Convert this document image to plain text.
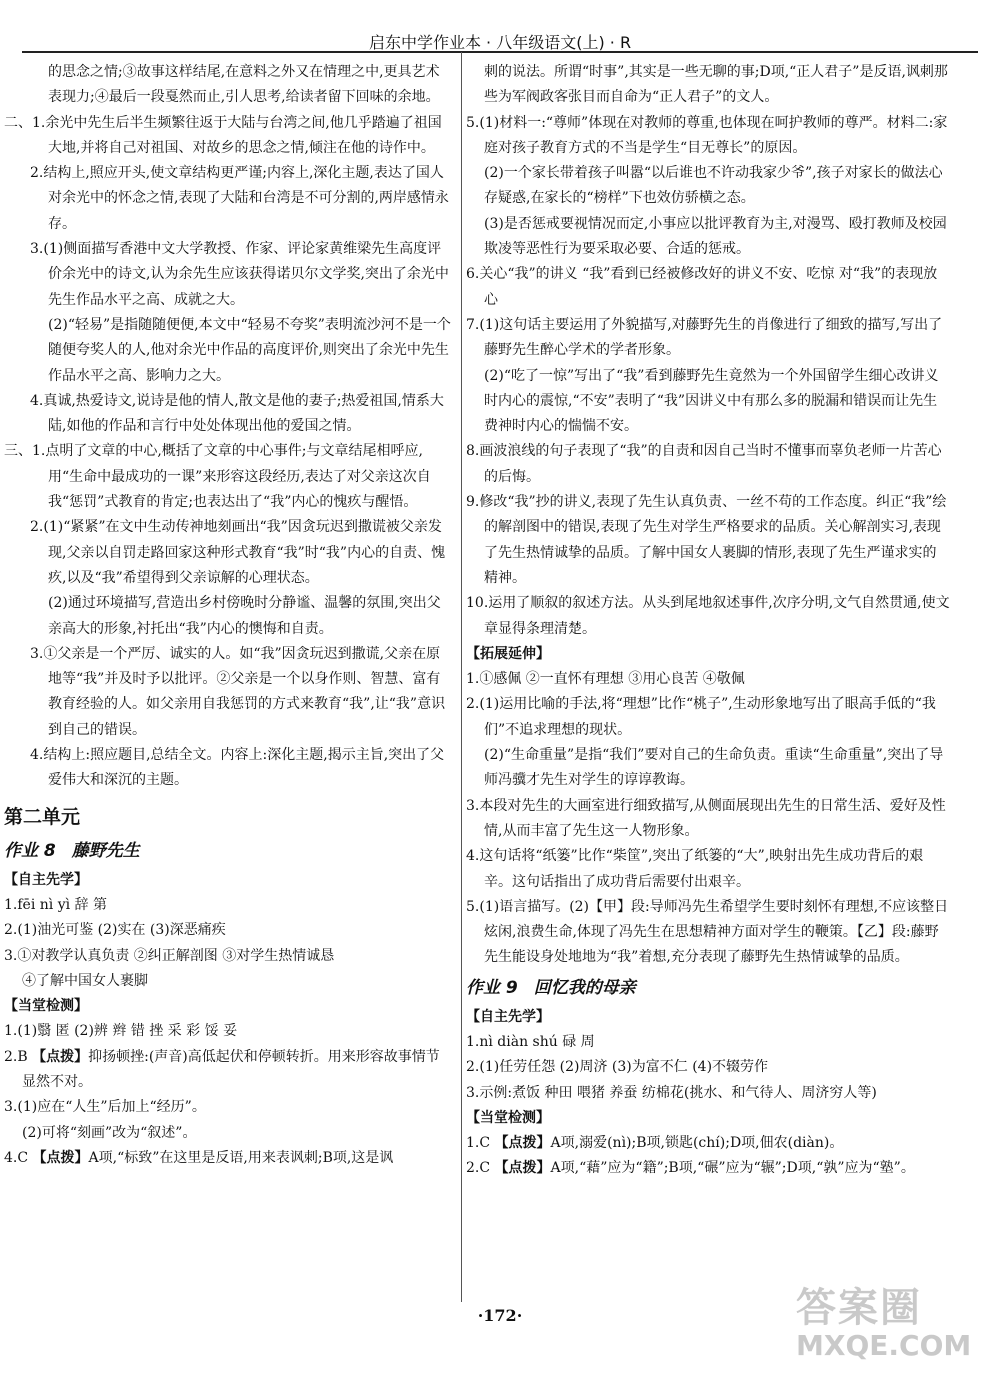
启东中学作业本 · 八年级语文(上) · R
的思念之情;③故事这样结尾,在意料之外又在情理之中,更具艺术表现力;④最后一段戛然而止,引人思考,给读者留下回味的余地。
二、1.余光中先生后半生频繁往返于大陆与台湾之间,他几乎踏遍了祖国大地,并将自己对祖国、对故乡的思念之情,倾注在他的诗作中。
2.结构上,照应开头,使文章结构更严谨;内容上,深化主题,表达了国人对余光中的怀念之情,表现了大陆和台湾是不可分割的,两岸感情永存。
3.(1)侧面描写香港中文大学教授、作家、评论家黄维梁先生高度评价余光中的诗文,认为余先生应该获得诺贝尔文学奖,突出了余光中先生作品水平之高、成就之大。
(2)“轻易”是指随随便便,本文中“轻易不夸奖”表明流沙河不是一个随便夸奖人的人,他对余光中作品的高度评价,则突出了余光中先生作品水平之高、影响力之大。
4.真诚,热爱诗文,说诗是他的情人,散文是他的妻子;热爱祖国,情系大陆,如他的作品和言行中处处体现出他的爱国之情。
三、1.点明了文章的中心,概括了文章的中心事件;与文章结尾相呼应,用“生命中最成功的一课”来形容这段经历,表达了对父亲这次自我“惩罚”式教育的肯定;也表达出了“我”内心的愧疚与醒悟。
2.(1)“紧紧”在文中生动传神地刻画出“我”因贪玩迟到撒谎被父亲发现,父亲以自罚走路回家这种形式教育“我”时“我”内心的自责、愧疚,以及“我”希望得到父亲谅解的心理状态。
(2)通过环境描写,营造出乡村傍晚时分静谧、温馨的氛围,突出父亲高大的形象,衬托出“我”内心的懊悔和自责。
3.①父亲是一个严厉、诚实的人。如“我”因贪玩迟到撒谎,父亲在原地等“我”并及时予以批评。②父亲是一个以身作则、智慧、富有教育经验的人。如父亲用自我惩罚的方式来教育“我”,让“我”意识到自己的错误。
4.结构上:照应题目,总结全文。内容上:深化主题,揭示主旨,突出了父爱伟大和深沉的主题。
第二单元
作业 8 藤野先生
【自主先学】
1.fēi nì yì 辞 第
2.(1)油光可鉴 (2)实在 (3)深恶痛疾
3.①对教学认真负责 ②纠正解剖图 ③对学生热情诚恳
④了解中国女人裹脚
【当堂检测】
1.(1)翳 匿 (2)辨 辫 错 挫 采 彩 馁 妥
2.B 【点拨】抑扬顿挫:(声音)高低起伏和停顿转折。用来形容故事情节显然不对。
3.(1)应在“人生”后加上“经历”。
(2)可将“刻画”改为“叙述”。
4.C 【点拨】A项,“标致”在这里是反语,用来表讽刺;B项,这是讽
刺的说法。所谓“时事”,其实是一些无聊的事;D项,“正人君子”是反语,讽刺那些为军阀政客张目而自命为“正人君子”的文人。
5.(1)材料一:“尊师”体现在对教师的尊重,也体现在呵护教师的尊严。材料二:家庭对孩子教育方式的不当是学生“目无尊长”的原因。
(2)一个家长带着孩子叫嚣“以后谁也不许动我家少爷”,孩子对家长的做法心存疑惑,在家长的“榜样”下也效仿骄横之态。
(3)是否惩戒要视情况而定,小事应以批评教育为主,对漫骂、殴打教师及校园欺凌等恶性行为要采取必要、合适的惩戒。
6.关心“我”的讲义 “我”看到已经被修改好的讲义不安、吃惊 对“我”的表现放心
7.(1)这句话主要运用了外貌描写,对藤野先生的肖像进行了细致的描写,写出了藤野先生醉心学术的学者形象。
(2)“吃了一惊”写出了“我”看到藤野先生竟然为一个外国留学生细心改讲义时内心的震惊,“不安”表明了“我”因讲义中有那么多的脱漏和错误而让先生费神时内心的惴惴不安。
8.画波浪线的句子表现了“我”的自责和因自己当时不懂事而辜负老师一片苦心的后悔。
9.修改“我”抄的讲义,表现了先生认真负责、一丝不苟的工作态度。纠正“我”绘的解剖图中的错误,表现了先生对学生严格要求的品质。关心解剖实习,表现了先生热情诚挚的品质。了解中国女人裹脚的情形,表现了先生严谨求实的精神。
10.运用了顺叙的叙述方法。从头到尾地叙述事件,次序分明,文气自然贯通,使文章显得条理清楚。
【拓展延伸】
1.①感佩 ②一直怀有理想 ③用心良苦 ④敬佩
2.(1)运用比喻的手法,将“理想”比作“桃子”,生动形象地写出了眼高手低的“我们”不追求理想的现状。
(2)“生命重量”是指“我们”要对自己的生命负责。重读“生命重量”,突出了导师冯骥才先生对学生的谆谆教诲。
3.本段对先生的大画室进行细致描写,从侧面展现出先生的日常生活、爱好及性情,从而丰富了先生这一人物形象。
4.这句话将“纸篓”比作“柴筐”,突出了纸篓的“大”,映射出先生成功背后的艰辛。这句话指出了成功背后需要付出艰辛。
5.(1)语言描写。(2)【甲】段:导师冯先生希望学生要时刻怀有理想,不应该整日炫闲,浪费生命,体现了冯先生在思想精神方面对学生的鞭策。【乙】段:藤野先生能设身处地地为“我”着想,充分表现了藤野先生热情诚挚的品质。
作业 9 回忆我的母亲
【自主先学】
1.nì diàn shú 碌 周
2.(1)任劳任怨 (2)周济 (3)为富不仁 (4)不辍劳作
3.示例:煮饭 种田 喂猪 养蚕 纺棉花(挑水、和气待人、周济穷人等)
【当堂检测】
1.C 【点拨】A项,溺爱(nì);B项,锁匙(chí);D项,佃农(diàn)。
2.C 【点拨】A项,“藉”应为“籍”;B项,“碾”应为“辗”;D项,“孰”应为“塾”。
·172·	答案圈
MXQE.COM
